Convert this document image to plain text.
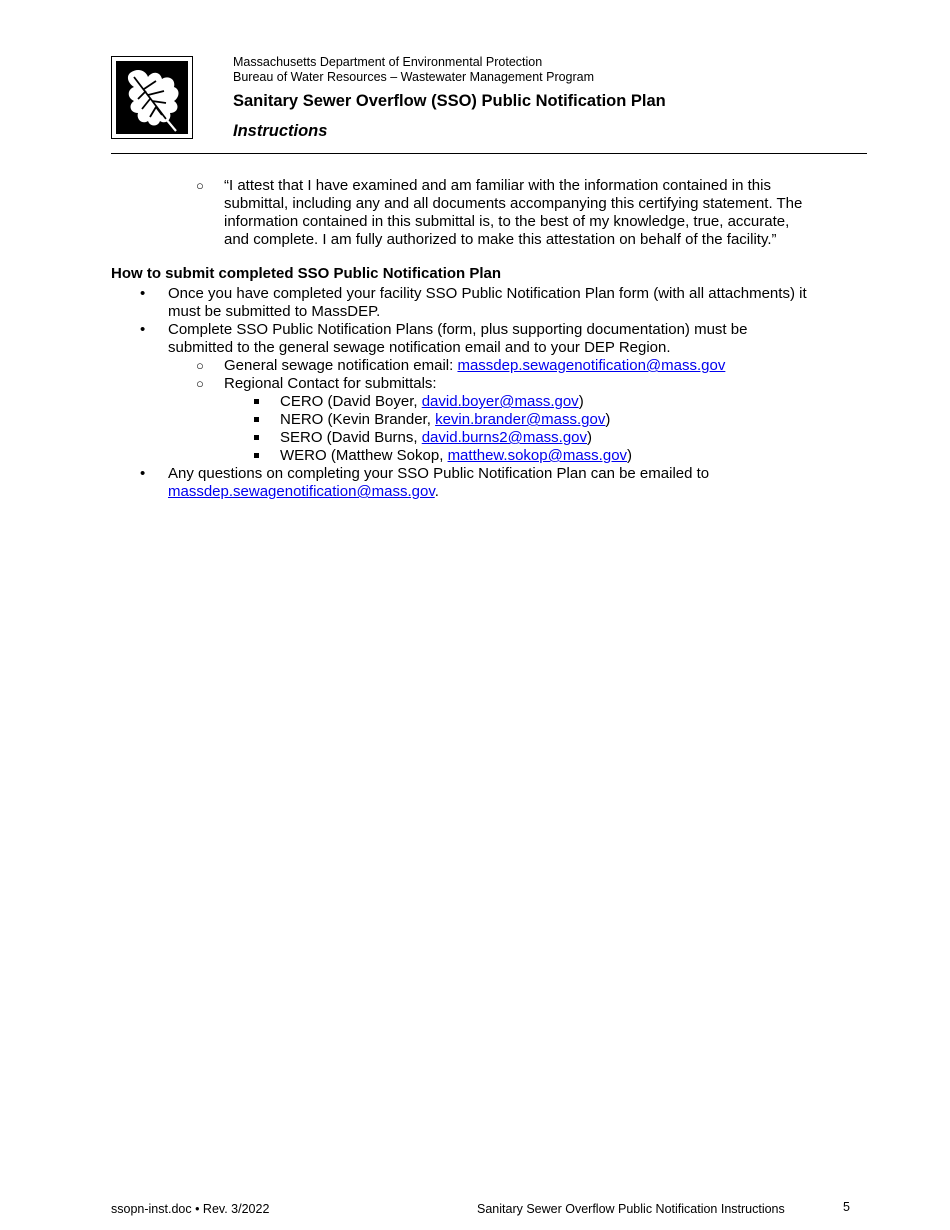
Massachusetts Department of Environmental Protection
Bureau of Water Resources – Wastewater Management Program
Sanitary Sewer Overflow (SSO) Public Notification Plan
Instructions
○ “I attest that I have examined and am familiar with the information contained in this
submittal, including any and all documents accompanying this certifying statement. The
information contained in this submittal is, to the best of my knowledge, true, accurate,
and complete. I am fully authorized to make this attestation on behalf of the facility.”
How to submit completed SSO Public Notification Plan
• Once you have completed your facility SSO Public Notification Plan form (with all attachments) it
must be submitted to MassDEP.
• Complete SSO Public Notification Plans (form, plus supporting documentation) must be
submitted to the general sewage notification email and to your DEP Region.
○ General sewage notification email: massdep.sewagenotification@mass.gov
○ Regional Contact for submittals:
CERO (David Boyer, david.boyer@mass.gov)
NERO (Kevin Brander, kevin.brander@mass.gov)
SERO (David Burns, david.burns2@mass.gov)
WERO (Matthew Sokop, matthew.sokop@mass.gov)
• Any questions on completing your SSO Public Notification Plan can be emailed to
massdep.sewagenotification@mass.gov.
ssopn-inst.doc • Rev. 3/2022	Sanitary Sewer Overflow Public Notification Instructions	5
